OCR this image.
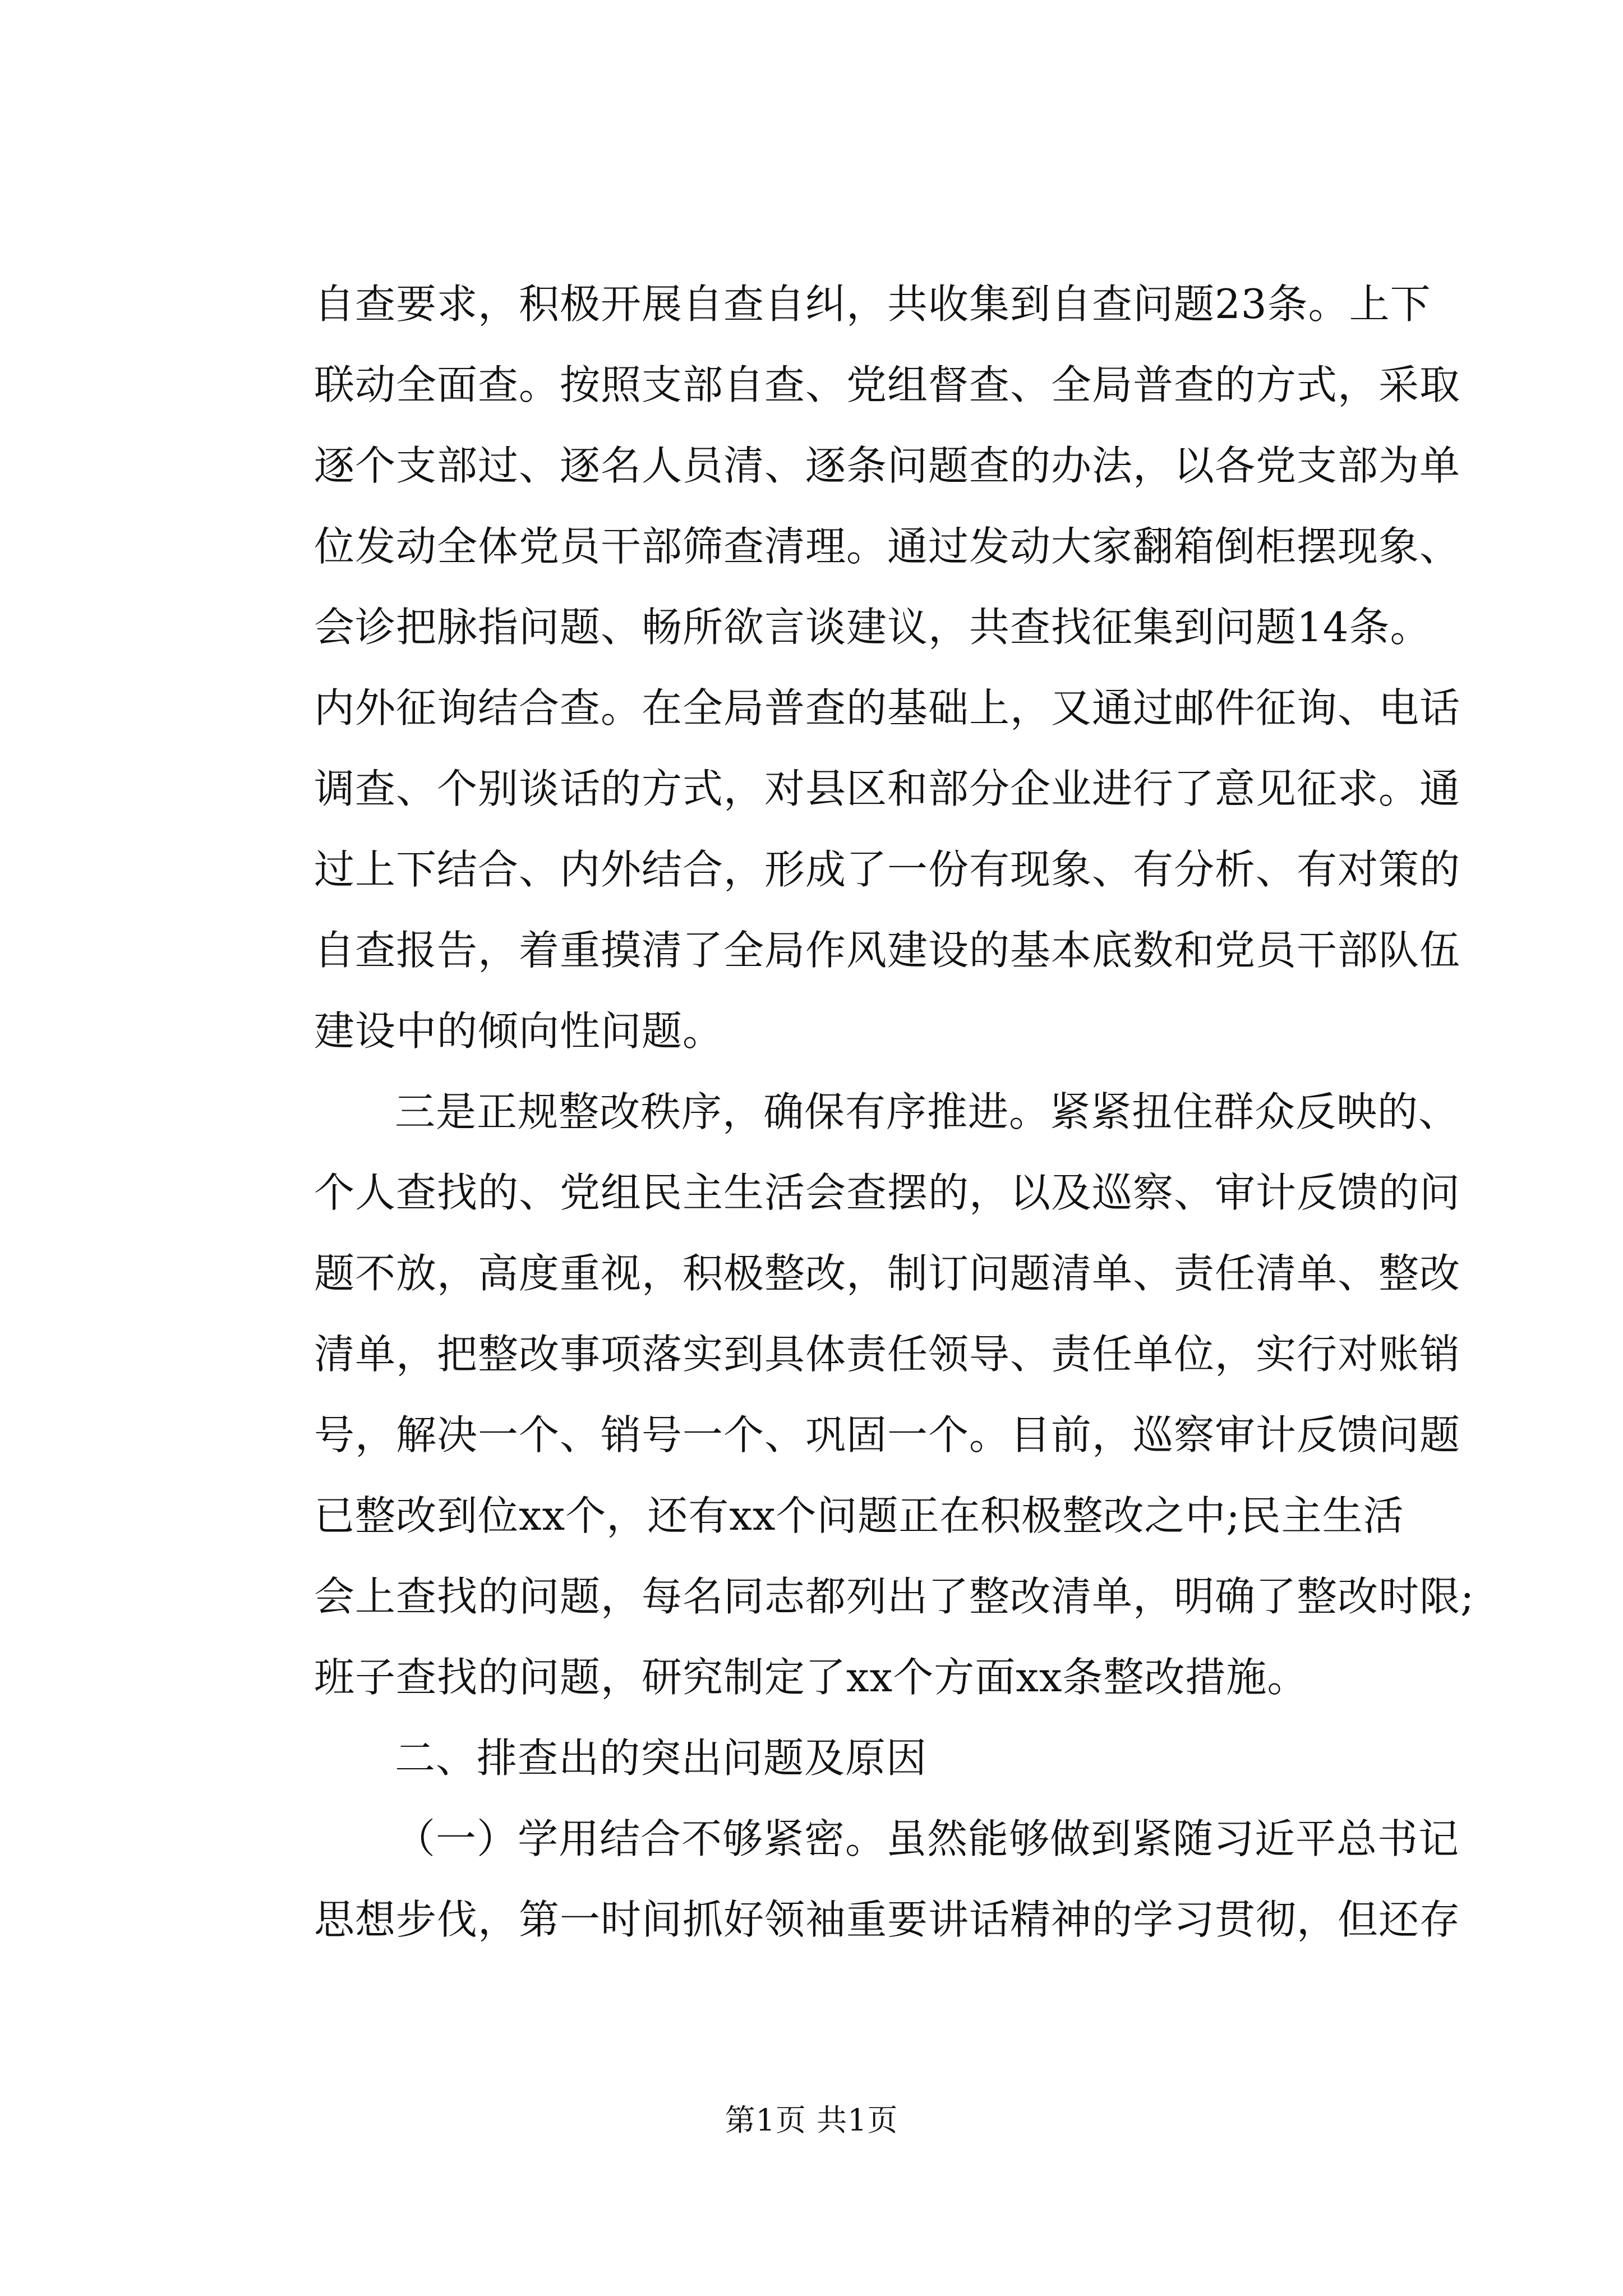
自查要求，积极开展自查自纠，共收集到自查问题23条。上下
联动全面查。按照支部自查、党组督查、全局普查的方式，采取
逐个支部过、逐名人员清、逐条问题查的办法，以各党支部为单
位发动全体党员干部筛查清理。通过发动大家翻箱倒柜摆现象、
会诊把脉指问题、畅所欲言谈建议，共查找征集到问题14条。
内外征询结合查。在全局普查的基础上，又通过邮件征询、电话
调查、个别谈话的方式，对县区和部分企业进行了意见征求。通
过上下结合、内外结合，形成了一份有现象、有分析、有对策的
自查报告，着重摸清了全局作风建设的基本底数和党员干部队伍
建设中的倾向性问题。
三是正规整改秩序，确保有序推进。紧紧扭住群众反映的、
个人查找的、党组民主生活会查摆的，以及巡察、审计反馈的问
题不放，高度重视，积极整改，制订问题清单、责任清单、整改
清单，把整改事项落实到具体责任领导、责任单位，实行对账销
号，解决一个、销号一个、巩固一个。目前，巡察审计反馈问题
已整改到位xx个，还有xx个问题正在积极整改之中;民主生活
会上查找的问题，每名同志都列出了整改清单，明确了整改时限;
班子查找的问题，研究制定了xx个方面xx条整改措施。
二、排查出的突出问题及原因
（一）学用结合不够紧密。虽然能够做到紧随习近平总书记
思想步伐，第一时间抓好领袖重要讲话精神的学习贯彻，但还存
第1页 共1页
